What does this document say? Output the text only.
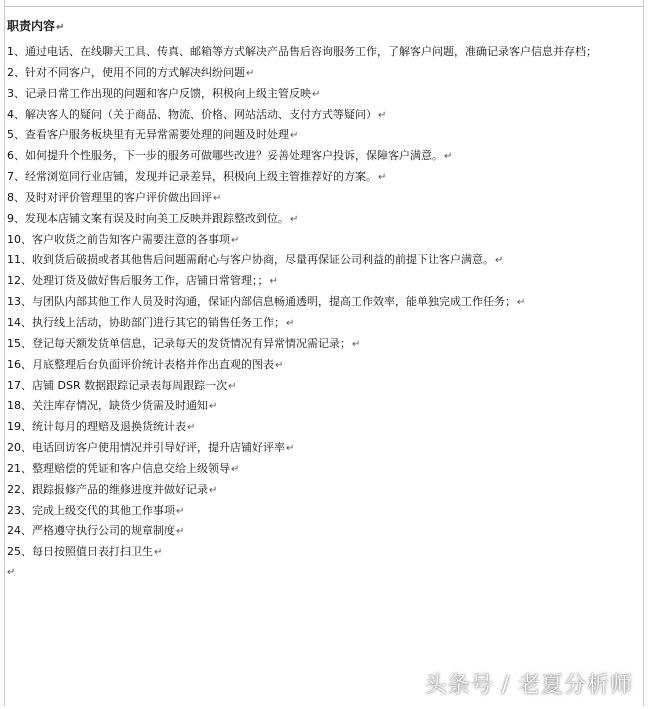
职责内容↵
1、通过电话、在线聊天工具、传真、邮箱等方式解决产品售后咨询服务工作，了解客户问题，准确记录客户信息并存档；
2、针对不同客户，使用不同的方式解决纠纷问题↵
3、记录日常工作出现的问题和客户反馈，积极向上级主管反映↵
4、解决客人的疑问（关于商品、物流、价格、网站活动、支付方式等疑问）↵
5、查看客户服务板块里有无异常需要处理的问题及时处理↵
6、如何提升个性服务，下一步的服务可做哪些改进？妥善处理客户投诉，保障客户满意。↵
7、经常浏览同行业店铺，发现并记录差异，积极向上级主管推荐好的方案。↵
8、及时对评价管理里的客户评价做出回评↵
9、发现本店铺文案有误及时向美工反映并跟踪整改到位。↵
10、客户收货之前告知客户需要注意的各事项↵
11、收到货后破损或者其他售后问题需耐心与客户协商，尽量再保证公司利益的前提下让客户满意。↵
12、处理订货及做好售后服务工作，店铺日常管理；；↵
13、与团队内部其他工作人员及时沟通，保证内部信息畅通透明，提高工作效率，能单独完成工作任务；↵
14、执行线上活动，协助部门进行其它的销售任务工作；↵
15、登记每天额发货单信息，记录每天的发货情况有异常情况需记录；↵
16、月底整理后台负面评价统计表格并作出直观的图表↵
17、店铺 DSR 数据跟踪记录表每周跟踪一次↵
18、关注库存情况，缺货少货需及时通知↵
19、统计每月的理赔及退换货统计表↵
20、电话回访客户使用情况并引导好评，提升店铺好评率↵
21、整理赔偿的凭证和客户信息交给上级领导↵
22、跟踪报修产品的维修进度并做好记录↵
23、完成上级交代的其他工作事项↵
24、严格遵守执行公司的规章制度↵
25、每日按照值日表打扫卫生↵
↵
头条号 / 老夏分析师
